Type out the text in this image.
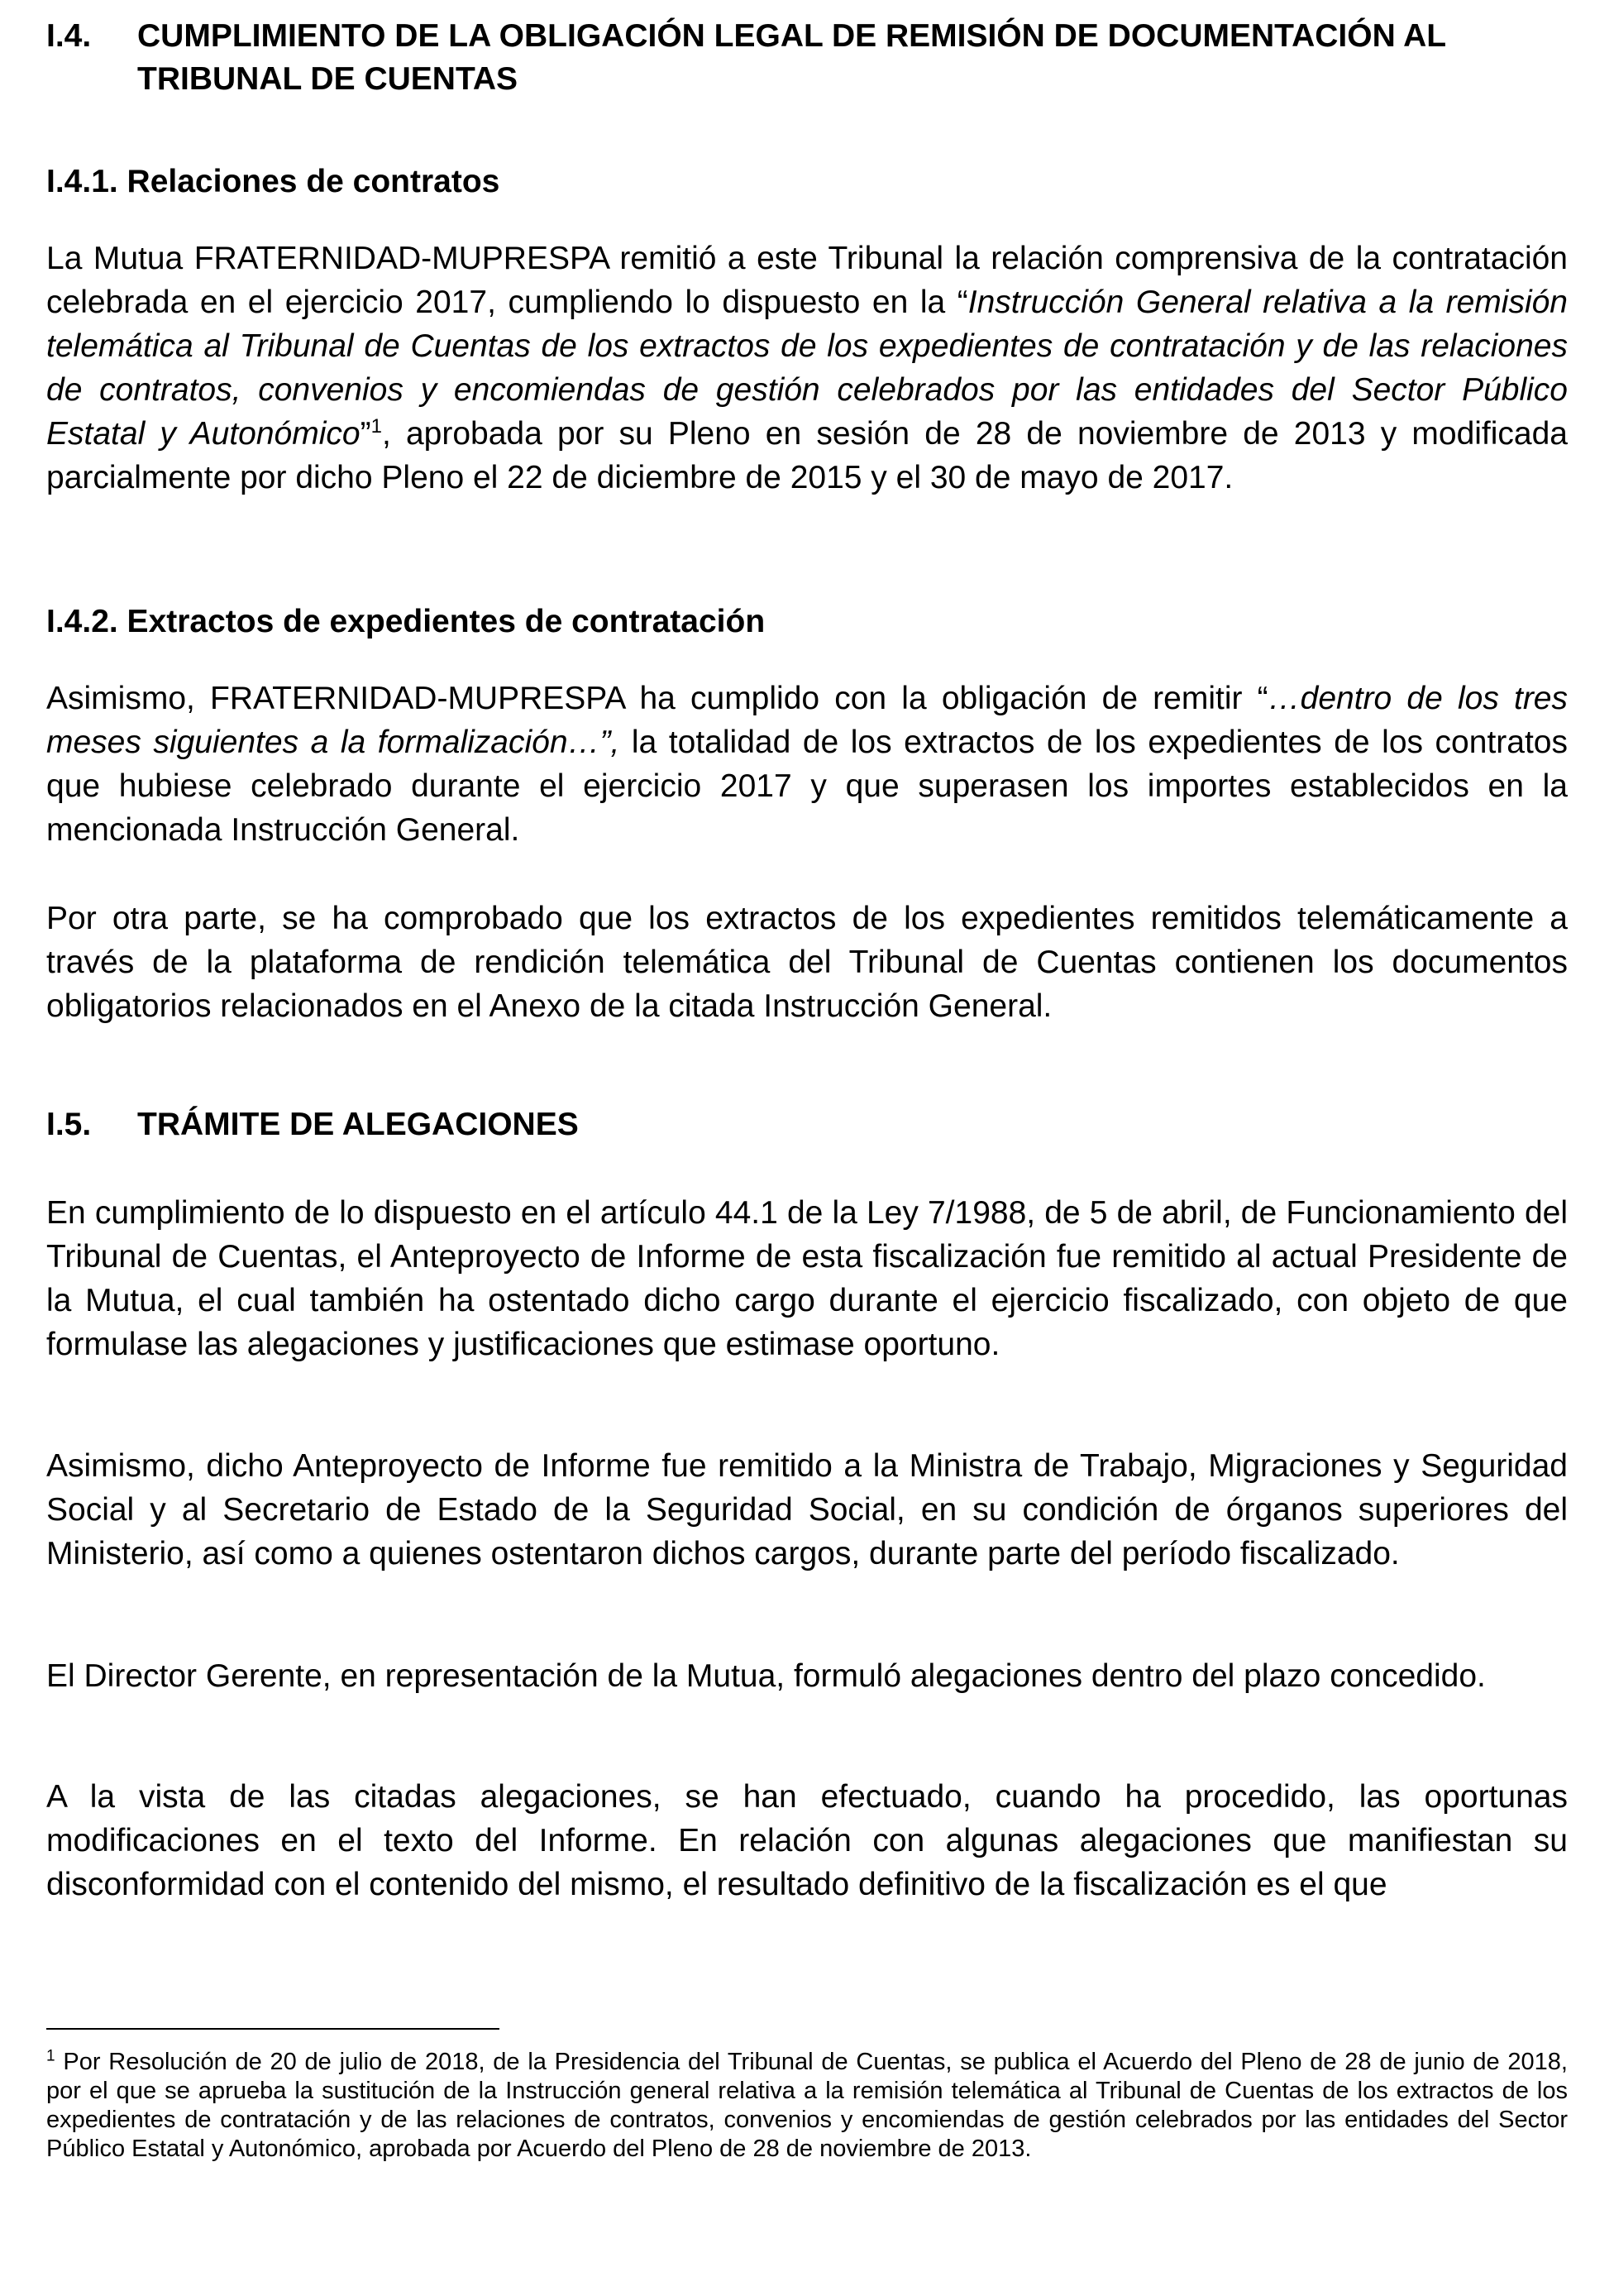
I.4.	CUMPLIMIENTO DE LA OBLIGACIÓN LEGAL DE REMISIÓN DE DOCUMENTACIÓN AL TRIBUNAL DE CUENTAS
I.4.1. Relaciones de contratos

La Mutua FRATERNIDAD-MUPRESPA remitió a este Tribunal la relación comprensiva de la contratación celebrada en el ejercicio 2017, cumpliendo lo dispuesto en la “Instrucción General relativa a la remisión telemática al Tribunal de Cuentas de los extractos de los expedientes de contratación y de las relaciones de contratos, convenios y encomiendas de gestión celebrados por las entidades del Sector Público Estatal y Autonómico”$^1$, aprobada por su Pleno en sesión de 28 de noviembre de 2013 y modificada parcialmente por dicho Pleno el 22 de diciembre de 2015 y el 30 de mayo de 2017.

I.4.2. Extractos de expedientes de contratación

Asimismo, FRATERNIDAD-MUPRESPA ha cumplido con la obligación de remitir “…dentro de los tres meses siguientes a la formalización…”, la totalidad de los extractos de los expedientes de los contratos que hubiese celebrado durante el ejercicio 2017 y que superasen los importes establecidos en la mencionada Instrucción General.

Por otra parte, se ha comprobado que los extractos de los expedientes remitidos telemáticamente a través de la plataforma de rendición telemática del Tribunal de Cuentas contienen los documentos obligatorios relacionados en el Anexo de la citada Instrucción General.

I.5.	TRÁMITE DE ALEGACIONES

En cumplimiento de lo dispuesto en el artículo 44.1 de la Ley 7/1988, de 5 de abril, de Funcionamiento del Tribunal de Cuentas, el Anteproyecto de Informe de esta fiscalización fue remitido al actual Presidente de la Mutua, el cual también ha ostentado dicho cargo durante el ejercicio fiscalizado, con objeto de que formulase las alegaciones y justificaciones que estimase oportuno.

Asimismo, dicho Anteproyecto de Informe fue remitido a la Ministra de Trabajo, Migraciones y Seguridad Social y al Secretario de Estado de la Seguridad Social, en su condición de órganos superiores del Ministerio, así como a quienes ostentaron dichos cargos, durante parte del período fiscalizado.

El Director Gerente, en representación de la Mutua, formuló alegaciones dentro del plazo concedido.

A la vista de las citadas alegaciones, se han efectuado, cuando ha procedido, las oportunas modificaciones en el texto del Informe. En relación con algunas alegaciones que manifiestan su disconformidad con el contenido del mismo, el resultado definitivo de la fiscalización es el que

$^1$ Por Resolución de 20 de julio de 2018, de la Presidencia del Tribunal de Cuentas, se publica el Acuerdo del Pleno de 28 de junio de 2018, por el que se aprueba la sustitución de la Instrucción general relativa a la remisión telemática al Tribunal de Cuentas de los extractos de los expedientes de contratación y de las relaciones de contratos, convenios y encomiendas de gestión celebrados por las entidades del Sector Público Estatal y Autonómico, aprobada por Acuerdo del Pleno de 28 de noviembre de 2013.
